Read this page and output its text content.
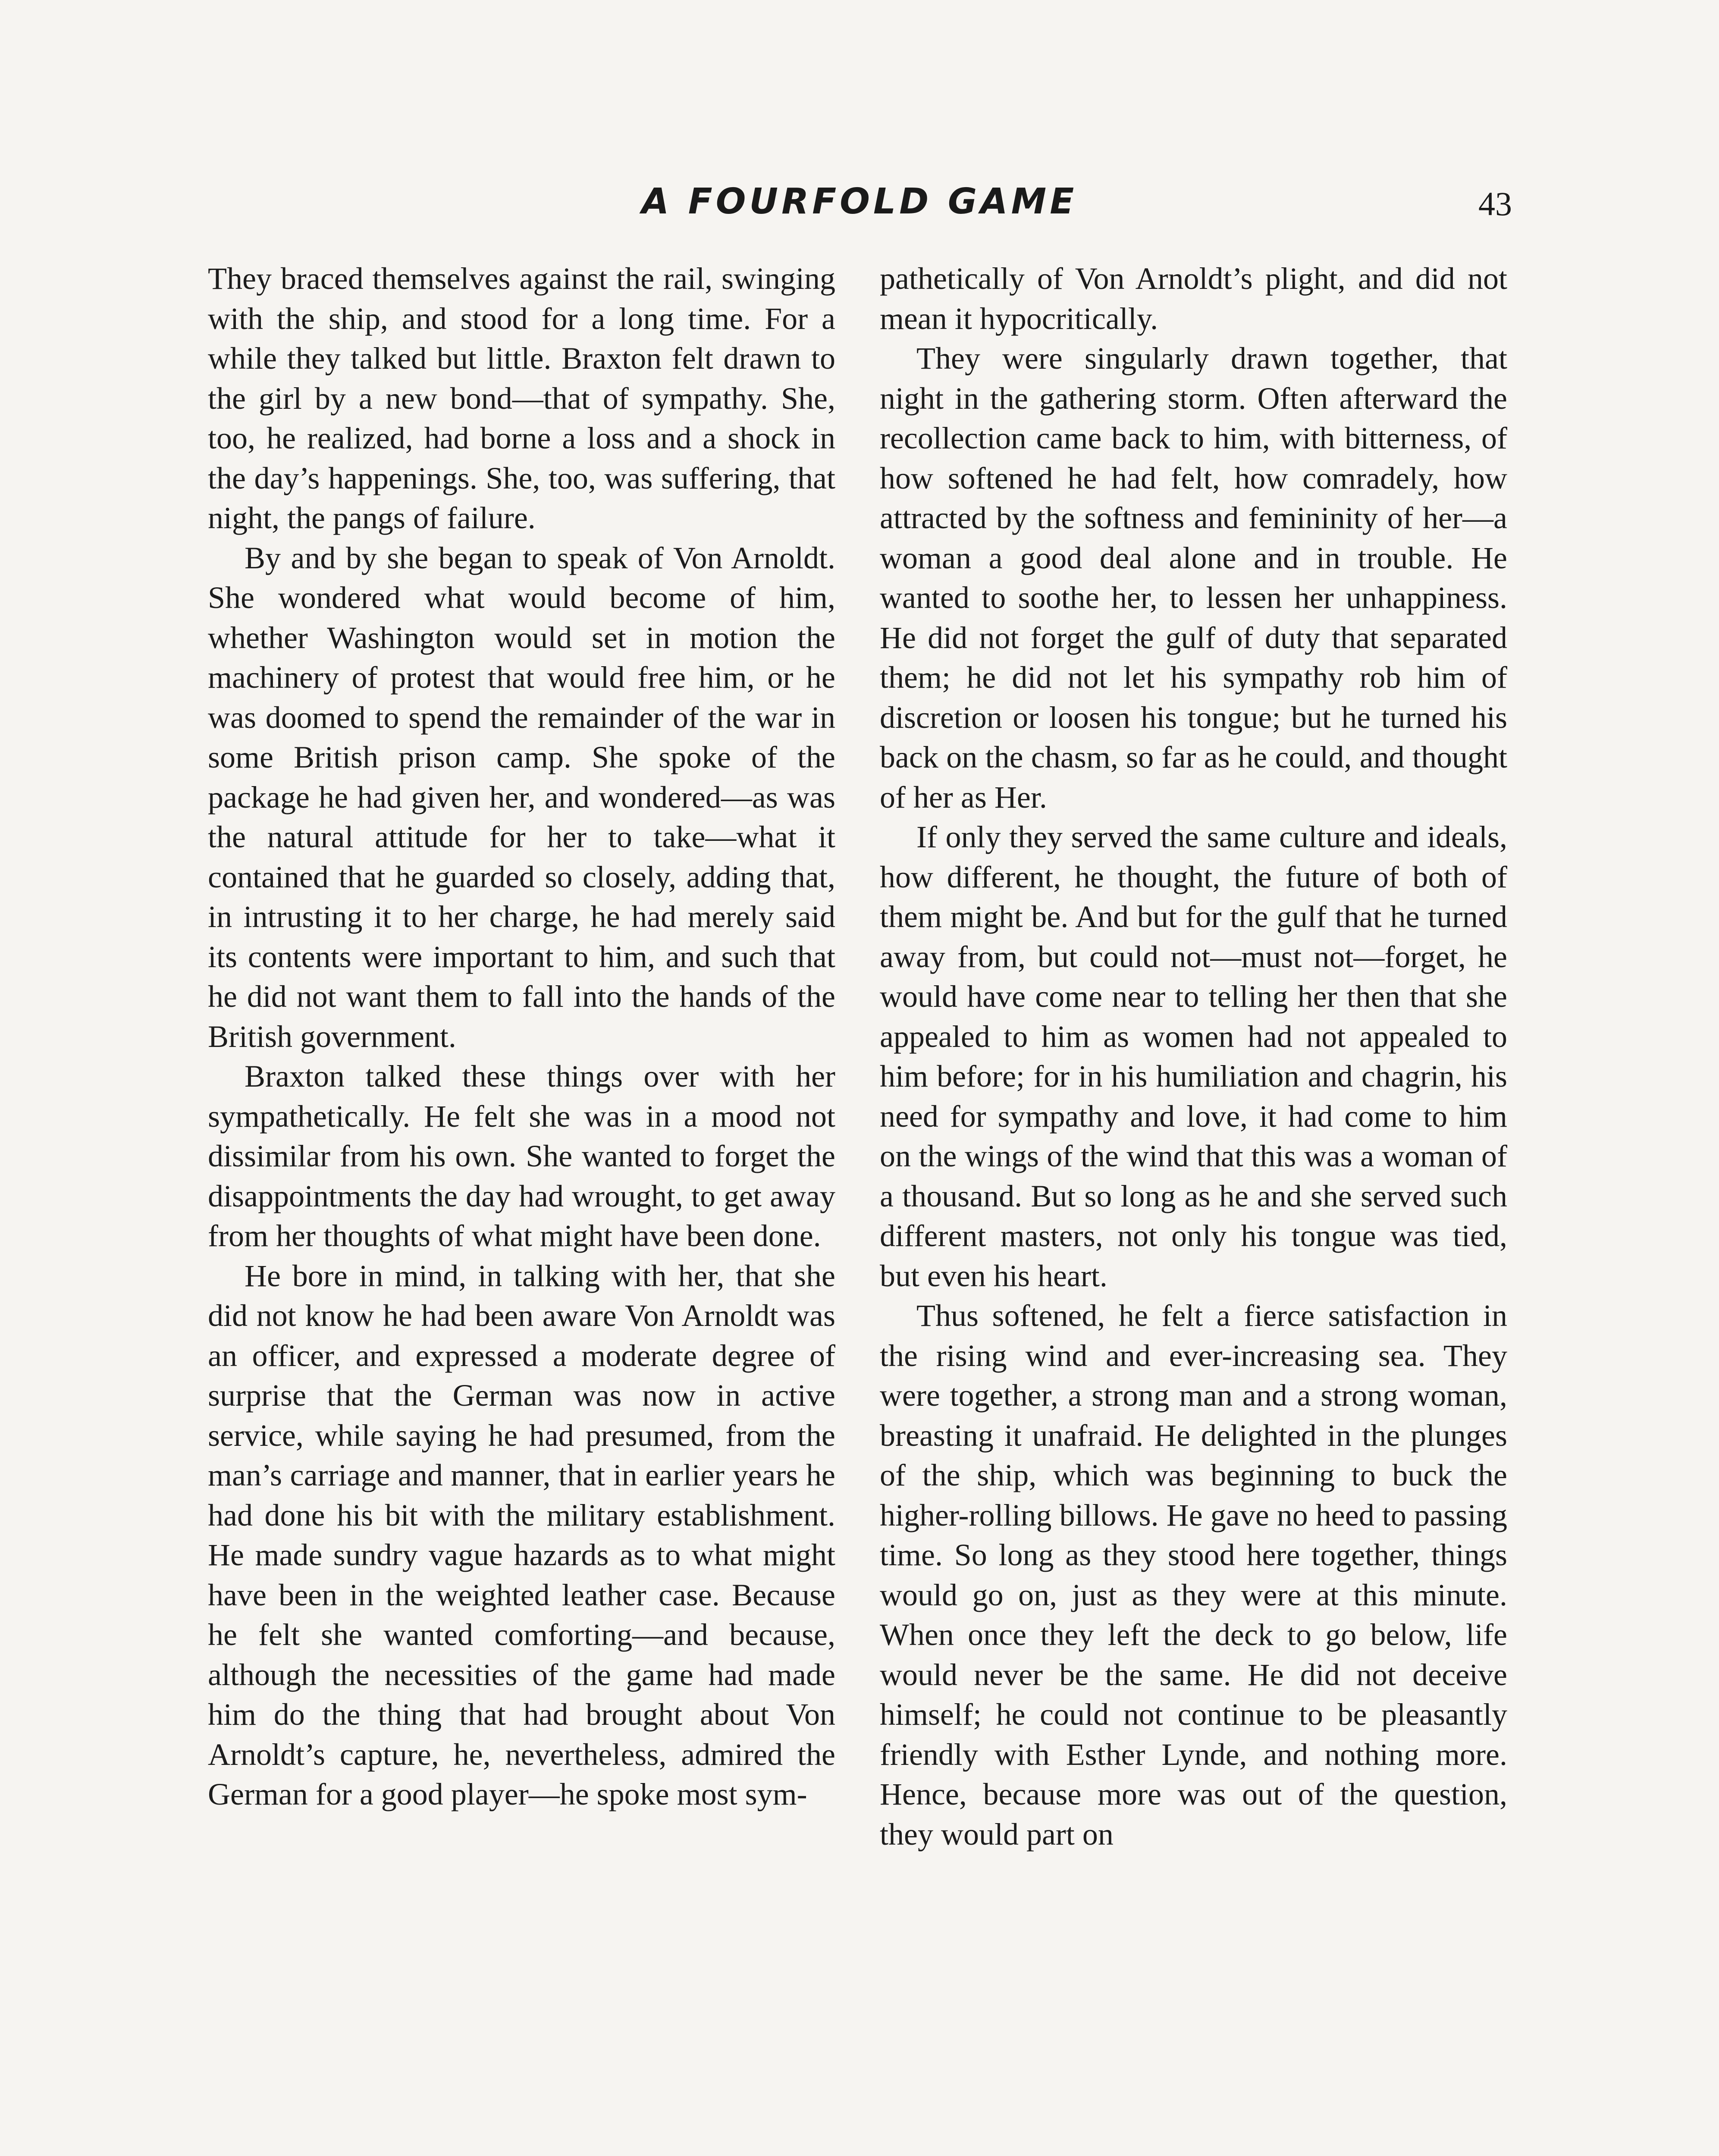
A FOURFOLD GAME	43

They braced themselves against the rail, swinging with the ship, and stood for a long time. For a while they talked but little. Braxton felt drawn to the girl by a new bond—that of sympathy. She, too, he realized, had borne a loss and a shock in the day’s happenings. She, too, was suffering, that night, the pangs of failure.

By and by she began to speak of Von Arnoldt. She wondered what would become of him, whether Washington would set in motion the machinery of protest that would free him, or he was doomed to spend the remainder of the war in some British prison camp. She spoke of the package he had given her, and wondered—as was the natural attitude for her to take—what it contained that he guarded so closely, adding that, in intrusting it to her charge, he had merely said its contents were important to him, and such that he did not want them to fall into the hands of the British government.

Braxton talked these things over with her sympathetically. He felt she was in a mood not dissimilar from his own. She wanted to forget the disappointments the day had wrought, to get away from her thoughts of what might have been done.

He bore in mind, in talking with her, that she did not know he had been aware Von Arnoldt was an officer, and expressed a moderate degree of surprise that the German was now in active service, while saying he had presumed, from the man’s carriage and manner, that in earlier years he had done his bit with the military establishment. He made sundry vague hazards as to what might have been in the weighted leather case. Because he felt she wanted comforting—and because, although the necessities of the game had made him do the thing that had brought about Von Arnoldt’s capture, he, nevertheless, admired the German for a good player—he spoke most sym-

pathetically of Von Arnoldt’s plight, and did not mean it hypocritically.

They were singularly drawn together, that night in the gathering storm. Often afterward the recollection came back to him, with bitterness, of how softened he had felt, how comradely, how attracted by the softness and femininity of her—a woman a good deal alone and in trouble. He wanted to soothe her, to lessen her unhappiness. He did not forget the gulf of duty that separated them; he did not let his sympathy rob him of discretion or loosen his tongue; but he turned his back on the chasm, so far as he could, and thought of her as Her.

If only they served the same culture and ideals, how different, he thought, the future of both of them might be. And but for the gulf that he turned away from, but could not—must not—forget, he would have come near to telling her then that she appealed to him as women had not appealed to him before; for in his humiliation and chagrin, his need for sympathy and love, it had come to him on the wings of the wind that this was a woman of a thousand. But so long as he and she served such different masters, not only his tongue was tied, but even his heart.

Thus softened, he felt a fierce satisfaction in the rising wind and ever-increasing sea. They were together, a strong man and a strong woman, breasting it unafraid. He delighted in the plunges of the ship, which was beginning to buck the higher-rolling billows. He gave no heed to passing time. So long as they stood here together, things would go on, just as they were at this minute. When once they left the deck to go below, life would never be the same. He did not deceive himself; he could not continue to be pleasantly friendly with Esther Lynde, and nothing more. Hence, because more was out of the question, they would part on
